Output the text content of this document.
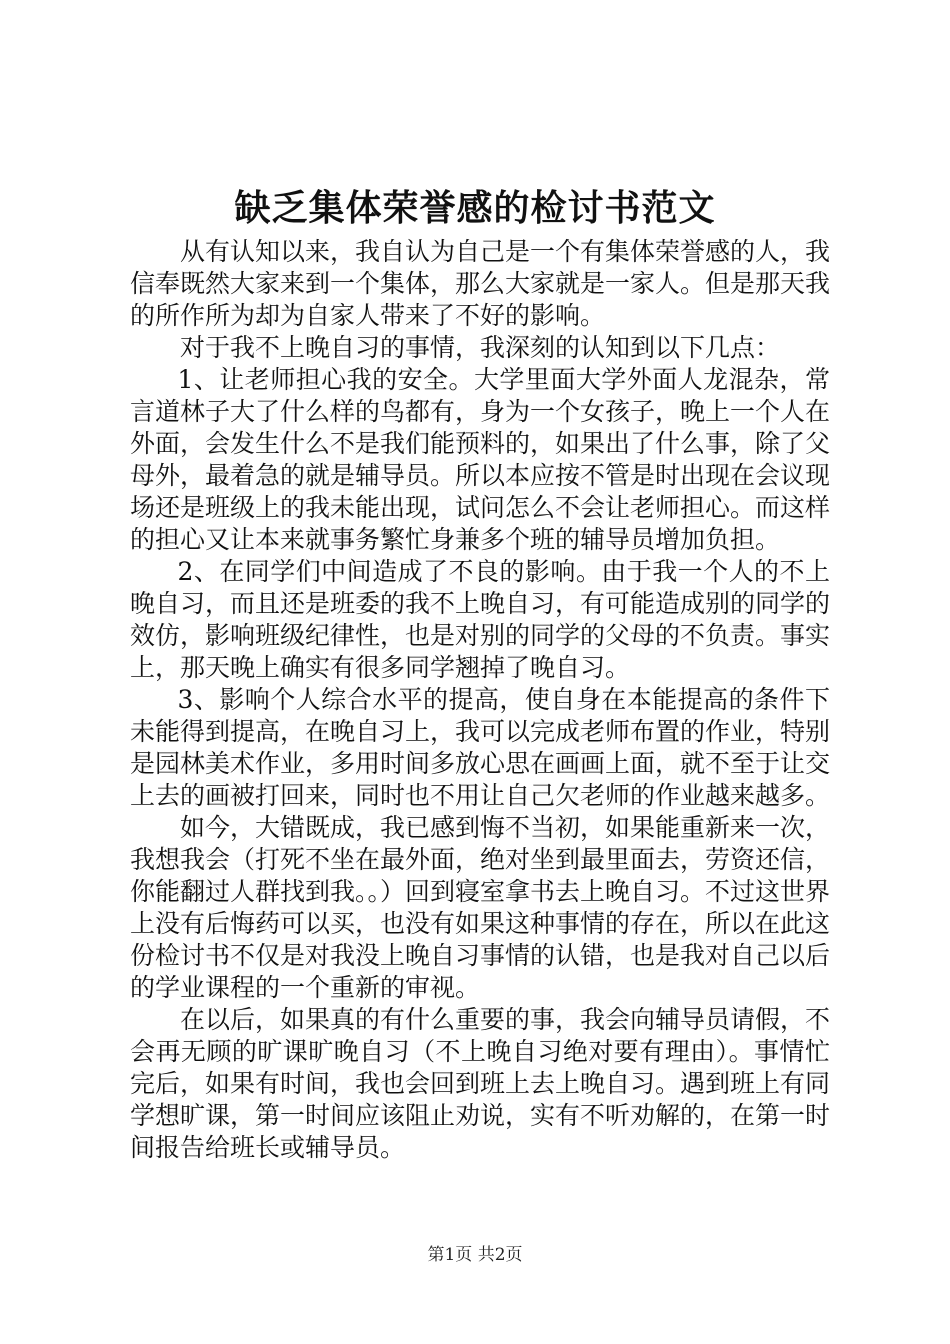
缺乏集体荣誉感的检讨书范文

从有认知以来，我自认为自己是一个有集体荣誉感的人，我信奉既然大家来到一个集体，那么大家就是一家人。但是那天我的所作所为却为自家人带来了不好的影响。

对于我不上晚自习的事情，我深刻的认知到以下几点：

1、让老师担心我的安全。大学里面大学外面人龙混杂，常言道林子大了什么样的鸟都有，身为一个女孩子，晚上一个人在外面，会发生什么不是我们能预料的，如果出了什么事，除了父母外，最着急的就是辅导员。所以本应按不管是时出现在会议现场还是班级上的我未能出现，试问怎么不会让老师担心。而这样的担心又让本来就事务繁忙身兼多个班的辅导员增加负担。

2、在同学们中间造成了不良的影响。由于我一个人的不上晚自习，而且还是班委的我不上晚自习，有可能造成别的同学的效仿，影响班级纪律性，也是对别的同学的父母的不负责。事实上，那天晚上确实有很多同学翘掉了晚自习。

3、影响个人综合水平的提高，使自身在本能提高的条件下未能得到提高，在晚自习上，我可以完成老师布置的作业，特别是园林美术作业，多用时间多放心思在画画上面，就不至于让交上去的画被打回来，同时也不用让自己欠老师的作业越来越多。

如今，大错既成，我已感到悔不当初，如果能重新来一次，我想我会（打死不坐在最外面，绝对坐到最里面去，劳资还信，你能翻过人群找到我。。）回到寝室拿书去上晚自习。不过这世界上没有后悔药可以买，也没有如果这种事情的存在，所以在此这份检讨书不仅是对我没上晚自习事情的认错，也是我对自己以后的学业课程的一个重新的审视。

在以后，如果真的有什么重要的事，我会向辅导员请假，不会再无顾的旷课旷晚自习（不上晚自习绝对要有理由）。事情忙完后，如果有时间，我也会回到班上去上晚自习。遇到班上有同学想旷课，第一时间应该阻止劝说，实有不听劝解的，在第一时间报告给班长或辅导员。

第1页 共2页
